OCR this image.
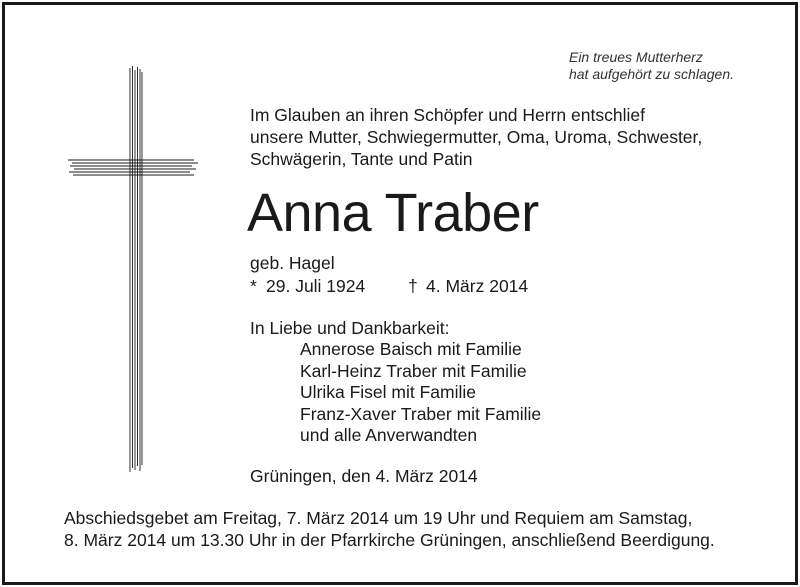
Ein treues Mutterherz
hat aufgehört zu schlagen.
Im Glauben an ihren Schöpfer und Herrn entschlief
unsere Mutter, Schwiegermutter, Oma, Uroma, Schwester,
Schwägerin, Tante und Patin
Anna Traber
geb. Hagel
* 29. Juli 1924 † 4. März 2014
In Liebe und Dankbarkeit:
Annerose Baisch mit Familie
Karl-Heinz Traber mit Familie
Ulrika Fisel mit Familie
Franz-Xaver Traber mit Familie
und alle Anverwandten
Grüningen, den 4. März 2014
Abschiedsgebet am Freitag, 7. März 2014 um 19 Uhr und Requiem am Samstag,
8. März 2014 um 13.30 Uhr in der Pfarrkirche Grüningen, anschließend Beerdigung.
